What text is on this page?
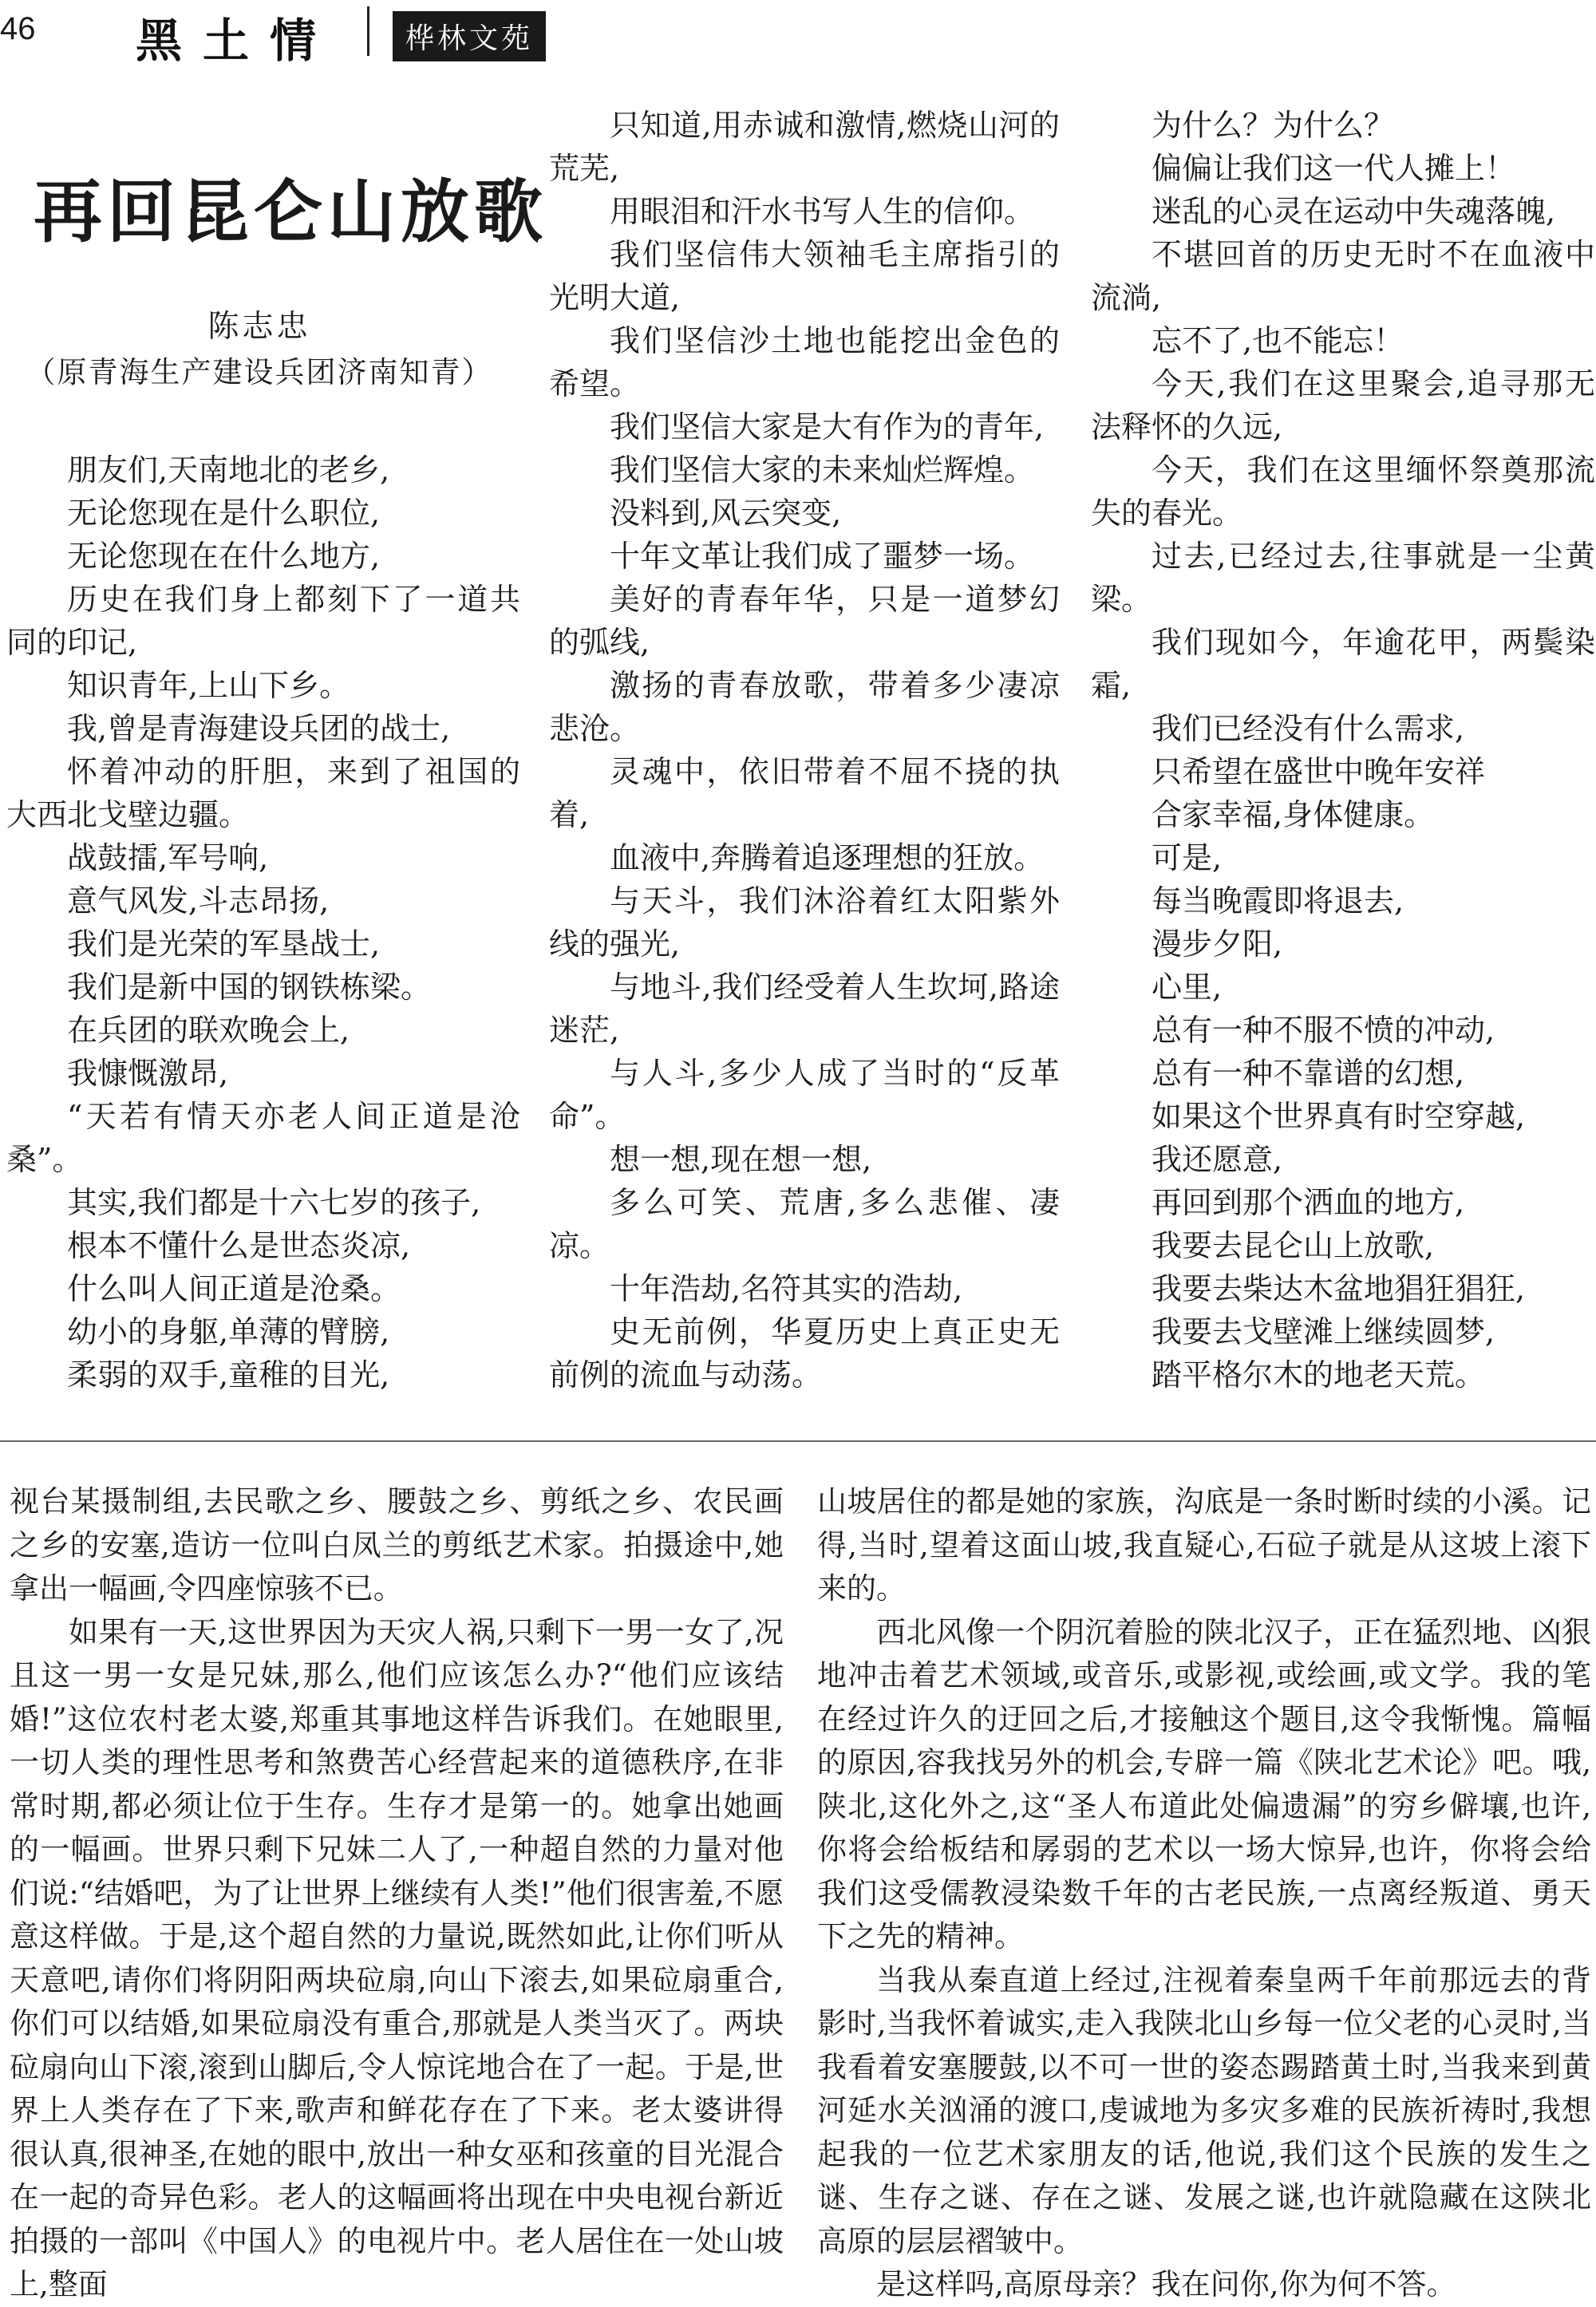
46 黑土情	桦林文苑
再回昆仑山放歌
陈志忠
（原青海生产建设兵团济南知青）

朋友们,天南地北的老乡,

无论您现在是什么职位,

无论您现在在什么地方,

历史在我们身上都刻下了一道共同的印记,

知识青年,上山下乡。

我,曾是青海建设兵团的战士,

怀着冲动的肝胆，来到了祖国的大西北戈壁边疆。

战鼓擂,军号响,

意气风发,斗志昂扬,

我们是光荣的军垦战士,

我们是新中国的钢铁栋梁。

在兵团的联欢晚会上,

我慷慨激昂,

“天若有情天亦老人间正道是沧桑”。

其实,我们都是十六七岁的孩子,

根本不懂什么是世态炎凉,

什么叫人间正道是沧桑。

幼小的身躯,单薄的臂膀,

柔弱的双手,童稚的目光,

只知道,用赤诚和激情,燃烧山河的荒芜,

用眼泪和汗水书写人生的信仰。

我们坚信伟大领袖毛主席指引的光明大道,

我们坚信沙土地也能挖出金色的希望。

我们坚信大家是大有作为的青年,

我们坚信大家的未来灿烂辉煌。

没料到,风云突变,

十年文革让我们成了噩梦一场。

美好的青春年华，只是一道梦幻的弧线,

激扬的青春放歌，带着多少凄凉悲沧。

灵魂中，依旧带着不屈不挠的执着,

血液中,奔腾着追逐理想的狂放。

与天斗，我们沐浴着红太阳紫外线的强光,

与地斗,我们经受着人生坎坷,路途迷茫,

与人斗,多少人成了当时的“反革命”。

想一想,现在想一想,

多么可笑、荒唐,多么悲催、凄凉。

十年浩劫,名符其实的浩劫,

史无前例，华夏历史上真正史无前例的流血与动荡。

为什么？为什么？

偏偏让我们这一代人摊上！

迷乱的心灵在运动中失魂落魄,

不堪回首的历史无时不在血液中流淌,

忘不了,也不能忘！

今天,我们在这里聚会,追寻那无法释怀的久远,

今天，我们在这里缅怀祭奠那流失的春光。

过去,已经过去,往事就是一尘黄梁。

我们现如今，年逾花甲，两鬓染霜,

我们已经没有什么需求,

只希望在盛世中晚年安祥

合家幸福,身体健康。

可是,

每当晚霞即将退去,

漫步夕阳,

心里,

总有一种不服不愤的冲动,

总有一种不靠谱的幻想,

如果这个世界真有时空穿越,

我还愿意,

再回到那个洒血的地方,

我要去昆仑山上放歌,

我要去柴达木盆地猖狂猖狂,

我要去戈壁滩上继续圆梦,

踏平格尔木的地老天荒。

视台某摄制组,去民歌之乡、腰鼓之乡、剪纸之乡、农民画之乡的安塞,造访一位叫白凤兰的剪纸艺术家。拍摄途中,她拿出一幅画,令四座惊骇不已。

如果有一天,这世界因为天灾人祸,只剩下一男一女了,况且这一男一女是兄妹,那么,他们应该怎么办?“他们应该结婚!”这位农村老太婆,郑重其事地这样告诉我们。在她眼里,一切人类的理性思考和煞费苦心经营起来的道德秩序,在非常时期,都必须让位于生存。生存才是第一的。她拿出她画的一幅画。世界只剩下兄妹二人了,一种超自然的力量对他们说:“结婚吧，为了让世界上继续有人类!”他们很害羞,不愿意这样做。于是,这个超自然的力量说,既然如此,让你们听从天意吧,请你们将阴阳两块砬扇,向山下滚去,如果砬扇重合,你们可以结婚,如果砬扇没有重合,那就是人类当灭了。两块砬扇向山下滚,滚到山脚后,令人惊诧地合在了一起。于是,世界上人类存在了下来,歌声和鲜花存在了下来。老太婆讲得很认真,很神圣,在她的眼中,放出一种女巫和孩童的目光混合在一起的奇异色彩。老人的这幅画将出现在中央电视台新近拍摄的一部叫《中国人》的电视片中。老人居住在一处山坡上,整面

山坡居住的都是她的家族，沟底是一条时断时续的小溪。记得,当时,望着这面山坡,我直疑心,石砬子就是从这坡上滚下来的。

西北风像一个阴沉着脸的陕北汉子，正在猛烈地、凶狠地冲击着艺术领域,或音乐,或影视,或绘画,或文学。我的笔在经过许久的迂回之后,才接触这个题目,这令我惭愧。篇幅的原因,容我找另外的机会,专辟一篇《陕北艺术论》吧。哦,陕北,这化外之,这“圣人布道此处偏遗漏”的穷乡僻壤,也许,你将会给板结和孱弱的艺术以一场大惊异,也许，你将会给我们这受儒教浸染数千年的古老民族,一点离经叛道、勇天下之先的精神。

当我从秦直道上经过,注视着秦皇两千年前那远去的背影时,当我怀着诚实,走入我陕北山乡每一位父老的心灵时,当我看着安塞腰鼓,以不可一世的姿态踢踏黄土时,当我来到黄河延水关汹涌的渡口,虔诚地为多灾多难的民族祈祷时,我想起我的一位艺术家朋友的话,他说,我们这个民族的发生之谜、生存之谜、存在之谜、发展之谜,也许就隐藏在这陕北高原的层层褶皱中。

是这样吗,高原母亲？我在问你,你为何不答。
